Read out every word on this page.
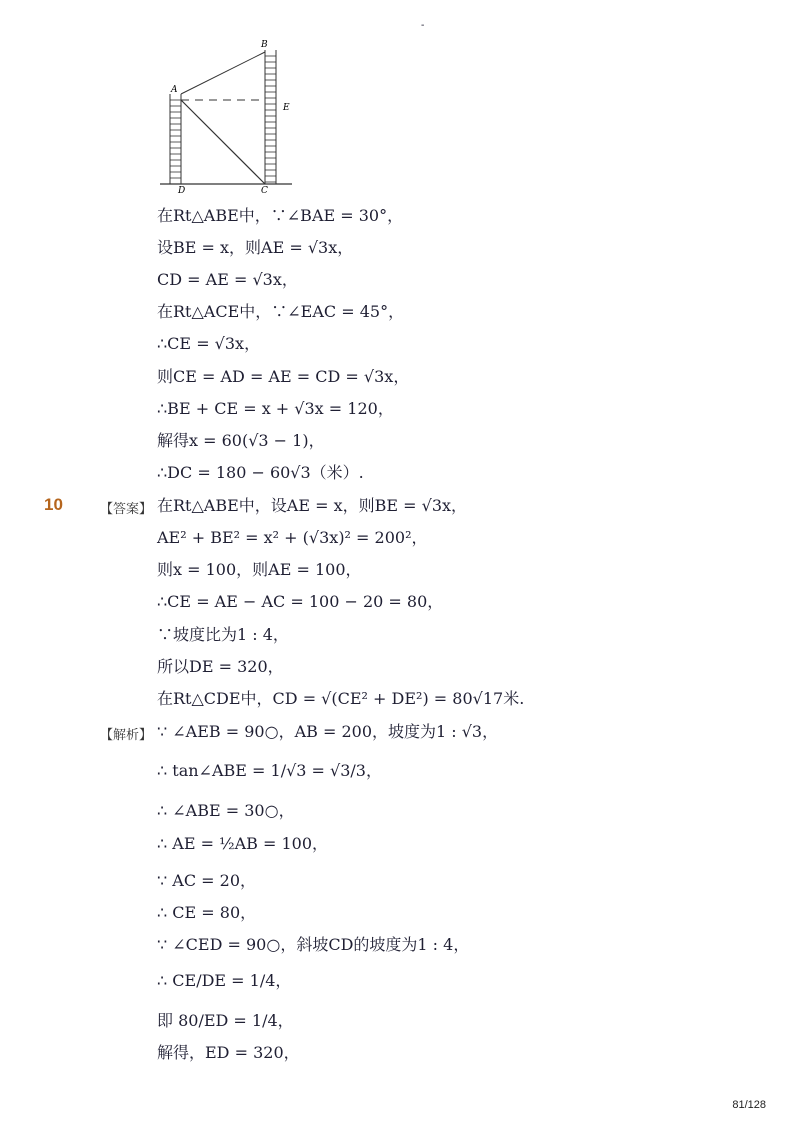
-
A
B
E
D	C
在Rt△ABE中，∵∠BAE = 30°，
设BE = x，则AE = √3x，
CD = AE = √3x，
在Rt△ACE中，∵∠EAC = 45°，
∴CE = √3x，
则CE = AD = AE = CD = √3x，
∴BE + CE = x + √3x = 120，
解得x = 60(√3 − 1)，
∴DC = 180 − 60√3（米）.
10	【答案】 在Rt△ABE中，设AE = x，则BE = √3x，
AE² + BE² = x² + (√3x)² = 200²，
则x = 100，则AE = 100，
∴CE = AE − AC = 100 − 20 = 80，
∵坡度比为1 : 4，
所以DE = 320，
在Rt△CDE中，CD = √(CE² + DE²) = 80√17米.
【解析】 ∵ ∠AEB = 90○，AB = 200，坡度为1 : √3，
∴ tan∠ABE = 1/√3 = √3/3，
∴ ∠ABE = 30○，
∴ AE = ½AB = 100，
∵ AC = 20，
∴ CE = 80，
∵ ∠CED = 90○，斜坡CD的坡度为1 : 4，
∴ CE/DE = 1/4，
即 80/ED = 1/4，
解得，ED = 320，
81/128
